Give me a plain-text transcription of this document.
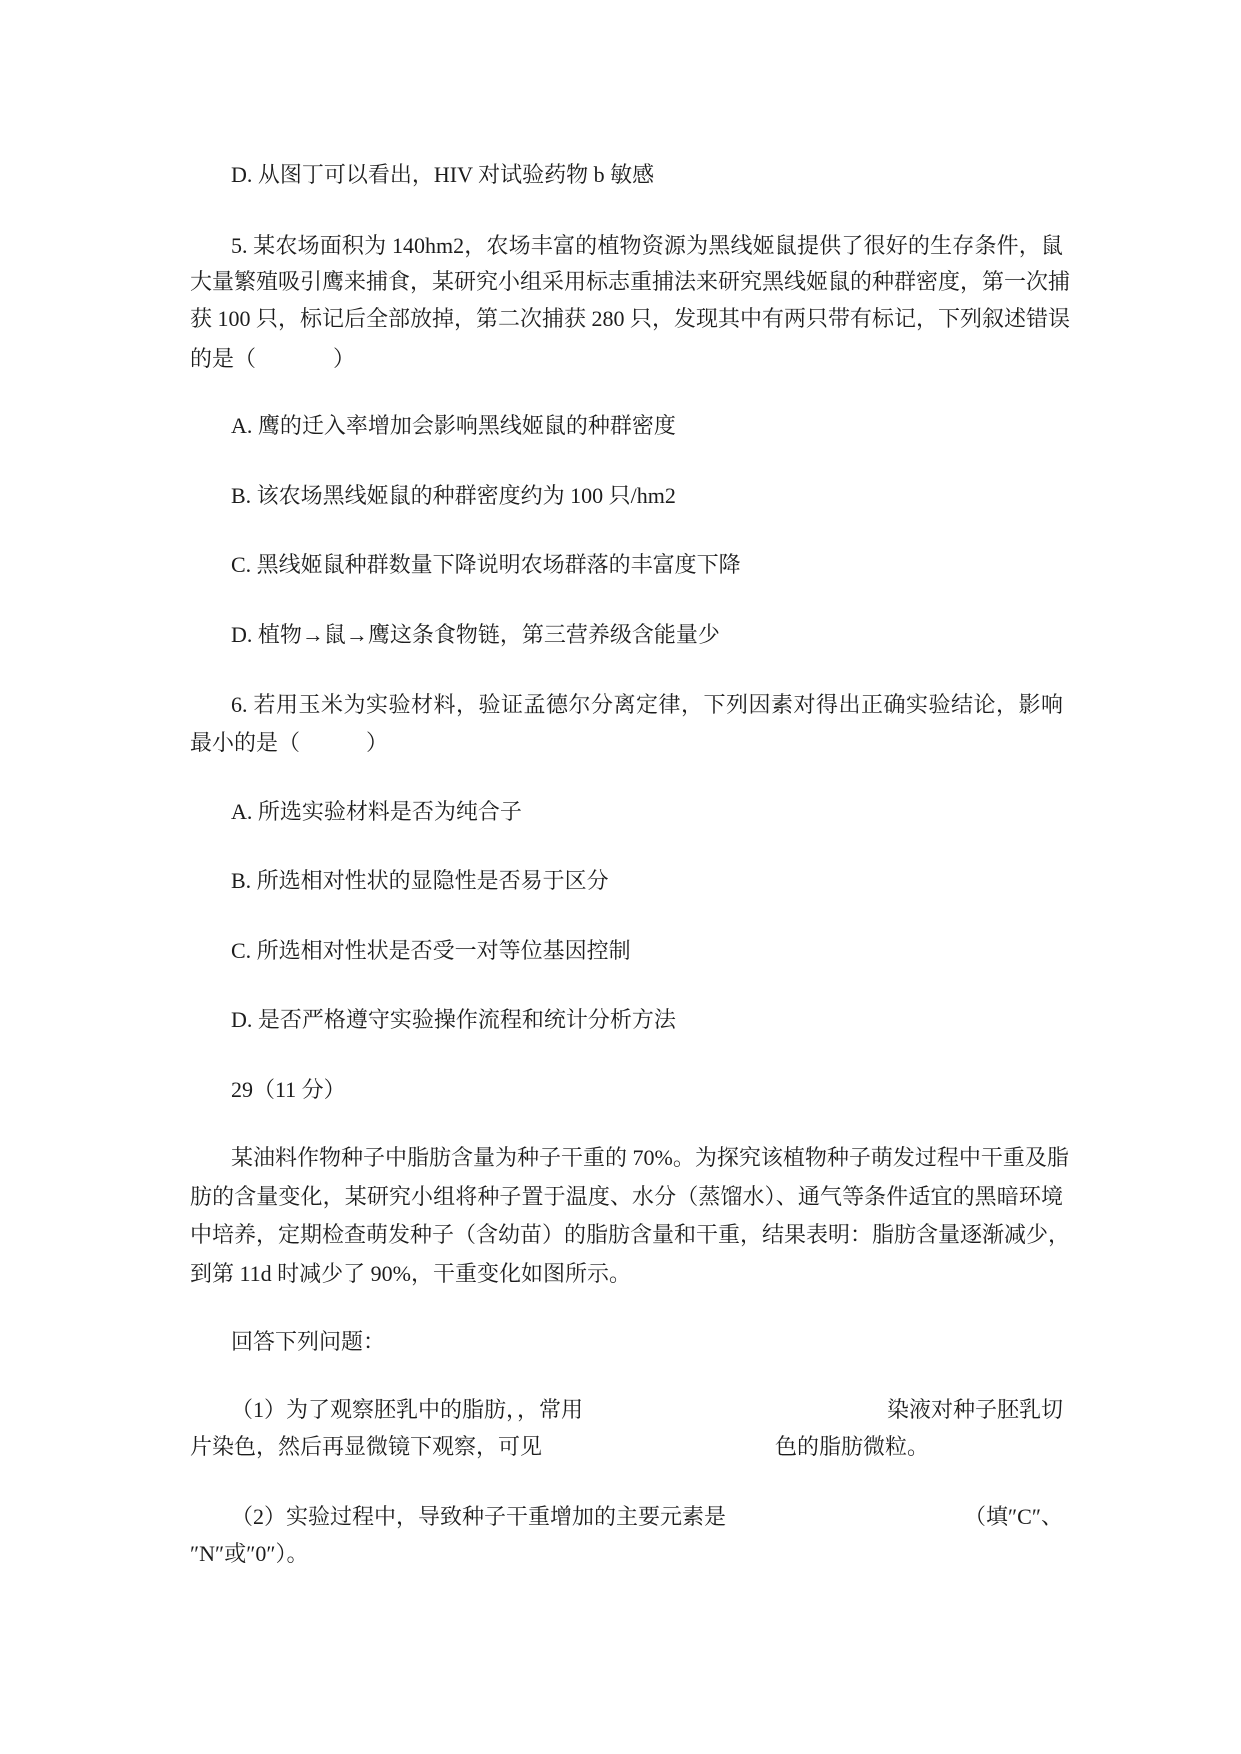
D. 从图丁可以看出，HIV 对试验药物 b 敏感
5. 某农场面积为 140hm2，农场丰富的植物资源为黑线姬鼠提供了很好的生存条件，鼠
大量繁殖吸引鹰来捕食，某研究小组采用标志重捕法来研究黑线姬鼠的种群密度，第一次捕
获 100 只，标记后全部放掉，第二次捕获 280 只，发现其中有两只带有标记，下列叙述错误
的是（              ）
A. 鹰的迁入率增加会影响黑线姬鼠的种群密度
B. 该农场黑线姬鼠的种群密度约为 100 只/hm2
C. 黑线姬鼠种群数量下降说明农场群落的丰富度下降
D. 植物→鼠→鹰这条食物链，第三营养级含能量少
6. 若用玉米为实验材料，验证孟德尔分离定律，下列因素对得出正确实验结论，影响
最小的是（            ）
A. 所选实验材料是否为纯合子
B. 所选相对性状的显隐性是否易于区分
C. 所选相对性状是否受一对等位基因控制
D. 是否严格遵守实验操作流程和统计分析方法
29（11 分）
某油料作物种子中脂肪含量为种子干重的 70%。为探究该植物种子萌发过程中干重及脂
肪的含量变化，某研究小组将种子置于温度、水分（蒸馏水）、通气等条件适宜的黑暗环境
中培养，定期检查萌发种子（含幼苗）的脂肪含量和干重，结果表明：脂肪含量逐渐减少，
到第 11d 时减少了 90%，干重变化如图所示。
回答下列问题：
（1）为了观察胚乳中的脂肪，，常用	染液对种子胚乳切
片染色，然后再显微镜下观察，可见	色的脂肪微粒。
（2）实验过程中，导致种子干重增加的主要元素是	（填″C″、
″N″或″0″）。
